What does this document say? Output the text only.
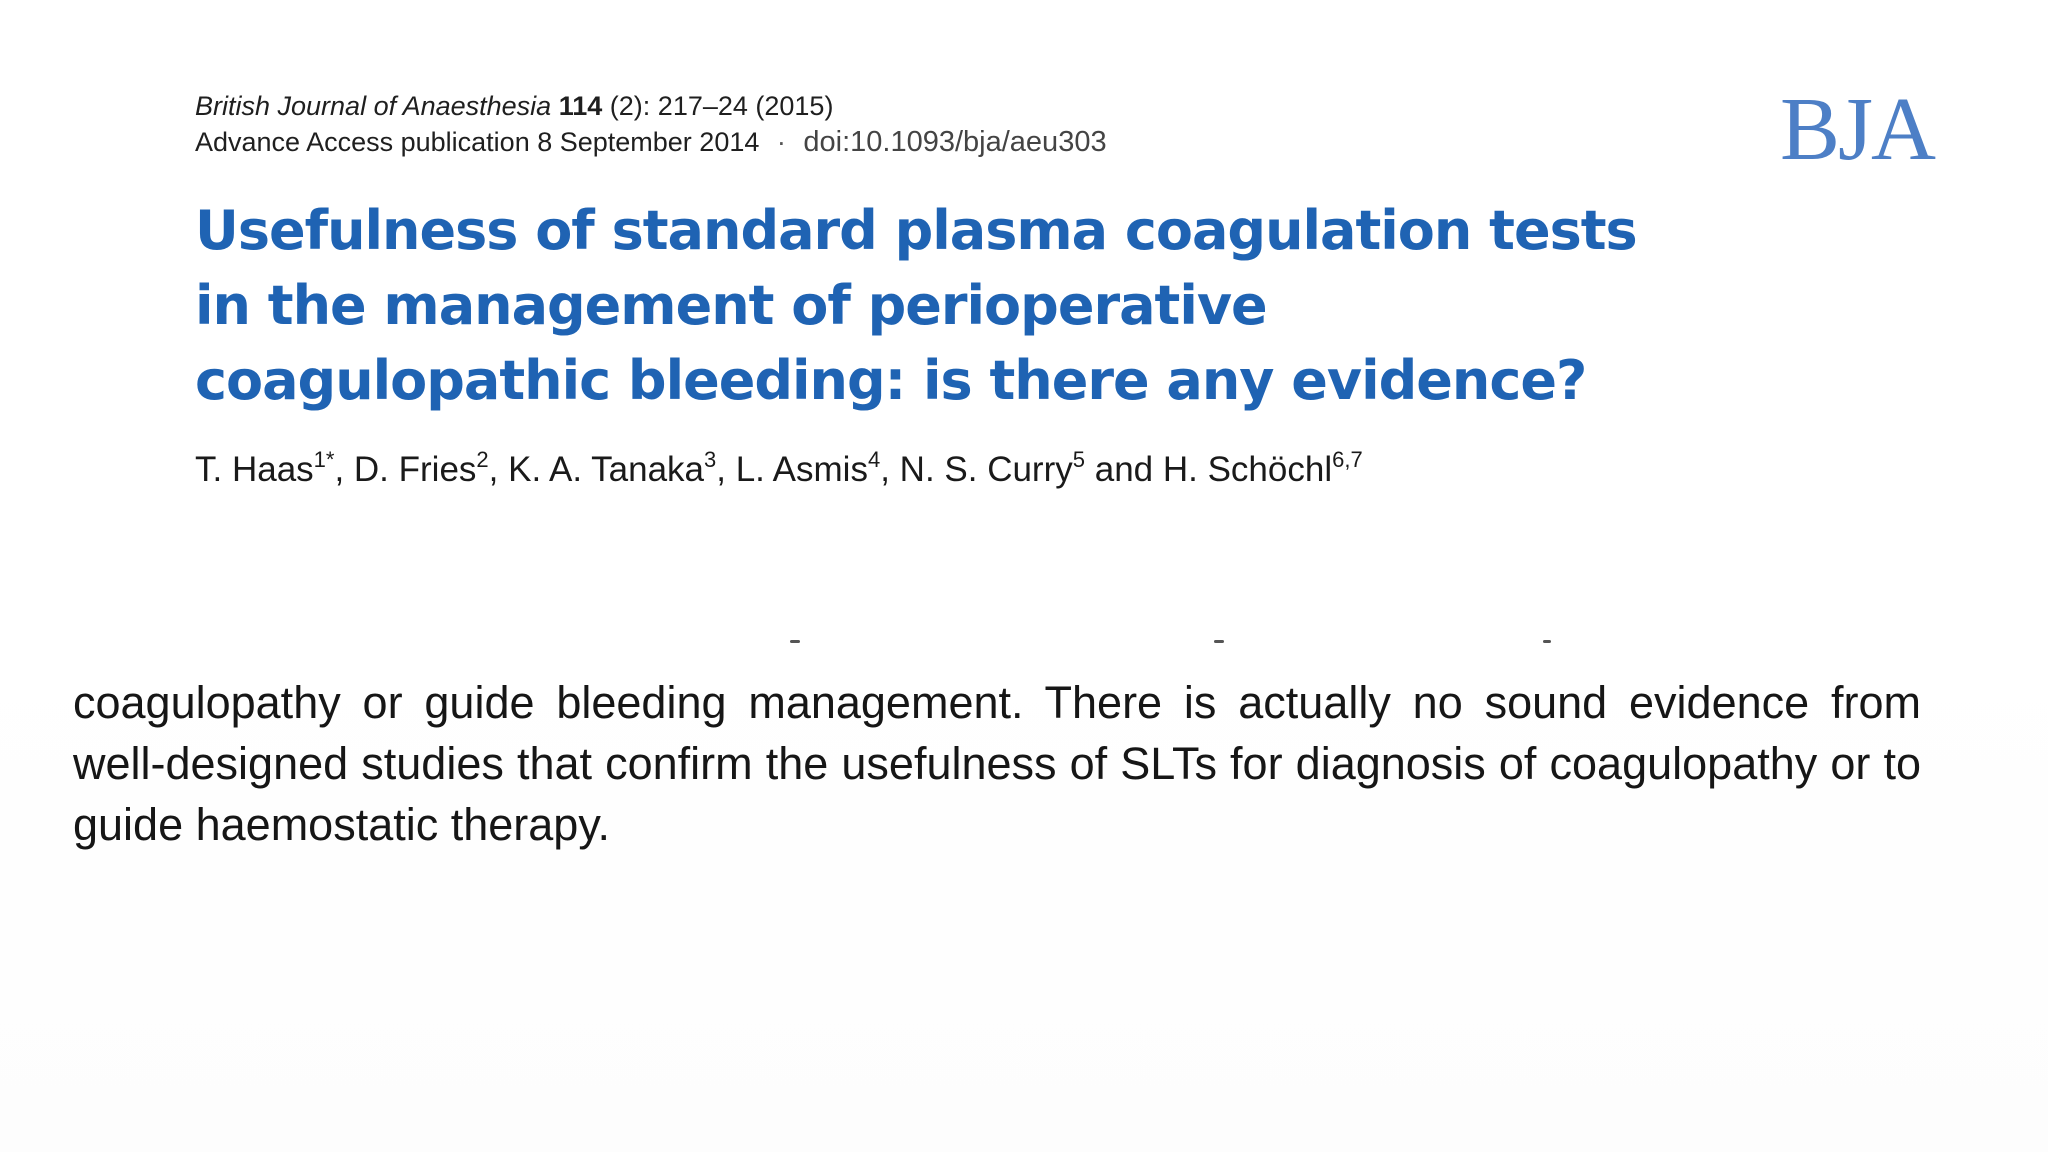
British Journal of Anaesthesia 114 (2): 217–24 (2015)
Advance Access publication 8 September 2014 · doi:10.1093/bja/aeu303	BJA
Usefulness of standard plasma coagulation tests in the management of perioperative coagulopathic bleeding: is there any evidence?
T. Haas$^{1*}$, D. Fries$^2$, K. A. Tanaka$^3$, L. Asmis$^4$, N. S. Curry$^5$ and H. Schöchl$^{6,7}$
coagulopathy or guide bleeding management. There is actually no sound evidence from well-designed studies that confirm the usefulness of SLTs for diagnosis of coagulopathy or to guide haemostatic therapy.
